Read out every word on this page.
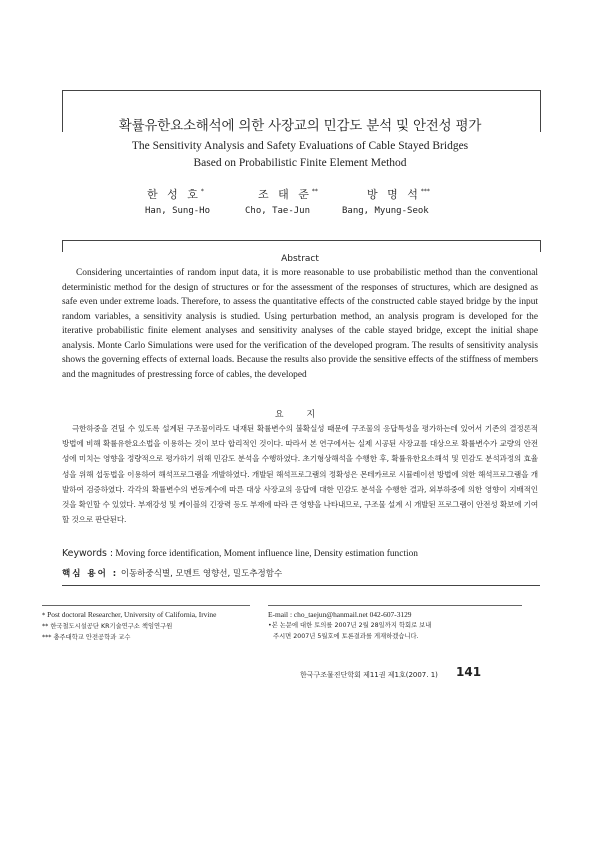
확률유한요소해석에 의한 사장교의 민감도 분석 및 안전성 평가
The Sensitivity Analysis and Safety Evaluations of Cable Stayed Bridges
Based on Probabilistic Finite Element Method
한 성 호*	조 태 준**	방 명 석***
Han, Sung-Ho	Cho, Tae-Jun	Bang, Myung-Seok
Abstract
Considering uncertainties of random input data, it is more reasonable to use probabilistic method than the conventional deterministic method for the design of structures or for the assessment of the responses of structures, which are designed as safe even under extreme loads. Therefore, to assess the quantitative effects of the constructed cable stayed bridge by the input random variables, a sensitivity analysis is studied. Using perturbation method, an analysis program is developed for the iterative probabilistic finite element analyses and sensitivity analyses of the cable stayed bridge, except the initial shape analysis. Monte Carlo Simulations were used for the verification of the developed program. The results of sensitivity analysis shows the governing effects of external loads. Because the results also provide the sensitive effects of the stiffness of members and the magnitudes of prestressing force of cables, the developed
요 지
극한하중을 견딜 수 있도록 설계된 구조물이라도 내재된 확률변수의 불확실성 때문에 구조물의 응답특성을 평가하는데 있어서 기존의 결정론적 방법에 비해 확률유한요소법을 이용하는 것이 보다 합리적인 것이다. 따라서 본 연구에서는 실제 시공된 사장교를 대상으로 확률변수가 교량의 안전성에 미치는 영향을 정량적으로 평가하기 위해 민감도 분석을 수행하였다. 초기형상해석을 수행한 후, 확률유한요소해석 및 민감도 분석과정의 효율성을 위해 섭동법을 이용하여 해석프로그램을 개발하였다. 개발된 해석프로그램의 정확성은 몬테카르로 시뮬레이션 방법에 의한 해석프로그램을 개발하여 검증하였다. 각각의 확률변수의 변동계수에 따른 대상 사장교의 응답에 대한 민감도 분석을 수행한 결과, 외부하중에 의한 영향이 지배적인 것을 확인할 수 있었다. 부재강성 및 케이블의 긴장력 등도 부재에 따라 큰 영향을 나타내므로, 구조물 설계 시 개발된 프로그램이 안전성 확보에 기여할 것으로 판단된다.
Keywords : Moving force identification, Moment influence line, Density estimation function
핵심 용어 : 이동하중식별, 모멘트 영향선, 밀도추정함수
* Post doctoral Researcher, University of California, Irvine
** 한국철도시설공단 KR기술연구소 책임연구원
*** 충주대학교 안전공학과 교수
E-mail : cho_taejun@hanmail.net 042-607-3129
•본 논문에 대한 토의를 2007년 2월 28일까지 학회로 보내
주시면 2007년 5월호에 토론결과를 게재하겠습니다.
한국구조물진단학회 제11권 제1호(2007. 1) 141
